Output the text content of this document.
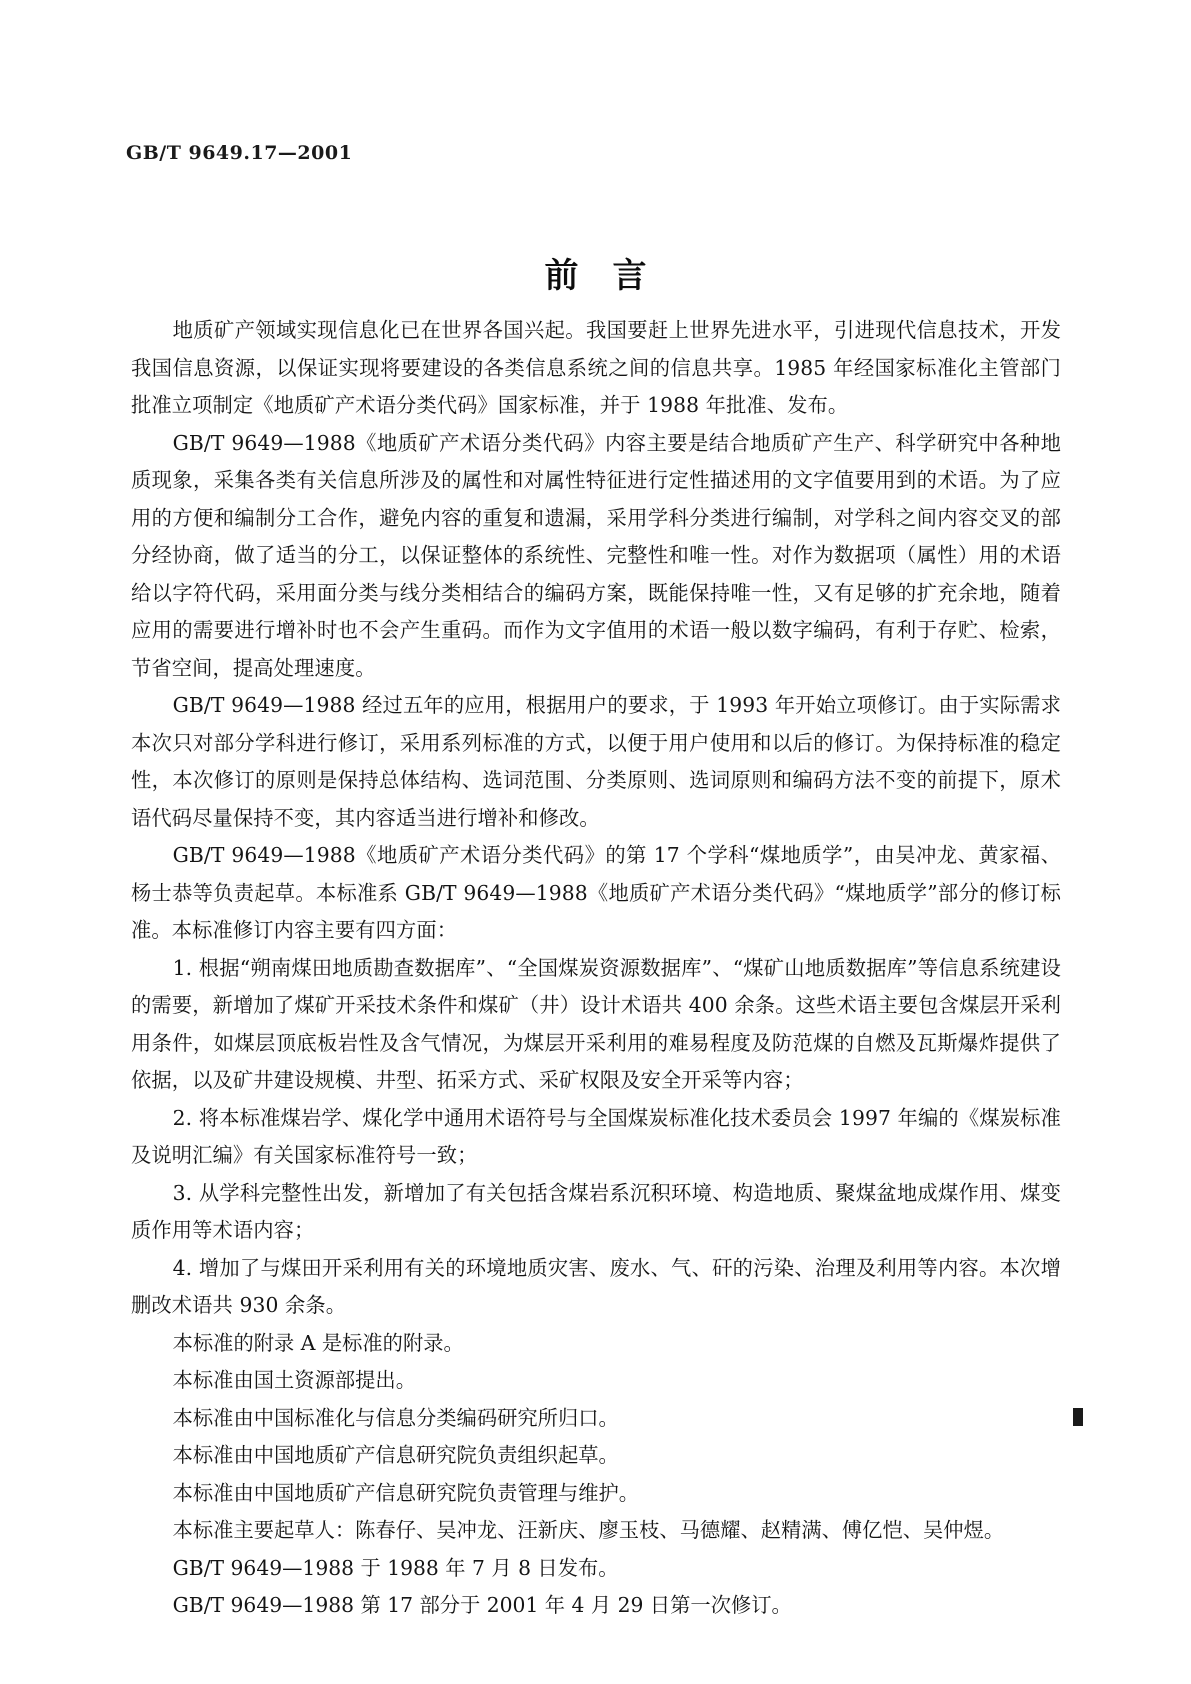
GB/T 9649.17—2001
前言

地质矿产领域实现信息化已在世界各国兴起。我国要赶上世界先进水平，引进现代信息技术，开发我国信息资源，以保证实现将要建设的各类信息系统之间的信息共享。1985 年经国家标准化主管部门批准立项制定《地质矿产术语分类代码》国家标准，并于 1988 年批准、发布。

GB/T 9649—1988《地质矿产术语分类代码》内容主要是结合地质矿产生产、科学研究中各种地质现象，采集各类有关信息所涉及的属性和对属性特征进行定性描述用的文字值要用到的术语。为了应用的方便和编制分工合作，避免内容的重复和遗漏，采用学科分类进行编制，对学科之间内容交叉的部分经协商，做了适当的分工，以保证整体的系统性、完整性和唯一性。对作为数据项（属性）用的术语给以字符代码，采用面分类与线分类相结合的编码方案，既能保持唯一性，又有足够的扩充余地，随着应用的需要进行增补时也不会产生重码。而作为文字值用的术语一般以数字编码，有利于存贮、检索，节省空间，提高处理速度。

GB/T 9649—1988 经过五年的应用，根据用户的要求，于 1993 年开始立项修订。由于实际需求本次只对部分学科进行修订，采用系列标准的方式，以便于用户使用和以后的修订。为保持标准的稳定性，本次修订的原则是保持总体结构、选词范围、分类原则、选词原则和编码方法不变的前提下，原术语代码尽量保持不变，其内容适当进行增补和修改。

GB/T 9649—1988《地质矿产术语分类代码》的第 17 个学科“煤地质学”，由吴冲龙、黄家福、杨士恭等负责起草。本标准系 GB/T 9649—1988《地质矿产术语分类代码》“煤地质学”部分的修订标准。本标准修订内容主要有四方面：

1. 根据“朔南煤田地质勘查数据库”、“全国煤炭资源数据库”、“煤矿山地质数据库”等信息系统建设的需要，新增加了煤矿开采技术条件和煤矿（井）设计术语共 400 余条。这些术语主要包含煤层开采利用条件，如煤层顶底板岩性及含气情况，为煤层开采利用的难易程度及防范煤的自燃及瓦斯爆炸提供了依据，以及矿井建设规模、井型、拓采方式、采矿权限及安全开采等内容；

2. 将本标准煤岩学、煤化学中通用术语符号与全国煤炭标准化技术委员会 1997 年编的《煤炭标准及说明汇编》有关国家标准符号一致；

3. 从学科完整性出发，新增加了有关包括含煤岩系沉积环境、构造地质、聚煤盆地成煤作用、煤变质作用等术语内容；

4. 增加了与煤田开采利用有关的环境地质灾害、废水、气、矸的污染、治理及利用等内容。本次增删改术语共 930 余条。

本标准的附录 A 是标准的附录。

本标准由国土资源部提出。

本标准由中国标准化与信息分类编码研究所归口。

本标准由中国地质矿产信息研究院负责组织起草。

本标准由中国地质矿产信息研究院负责管理与维护。

本标准主要起草人：陈春仔、吴冲龙、汪新庆、廖玉枝、马德耀、赵精满、傅亿恺、吴仲煜。

GB/T 9649—1988 于 1988 年 7 月 8 日发布。

GB/T 9649—1988 第 17 部分于 2001 年 4 月 29 日第一次修订。
